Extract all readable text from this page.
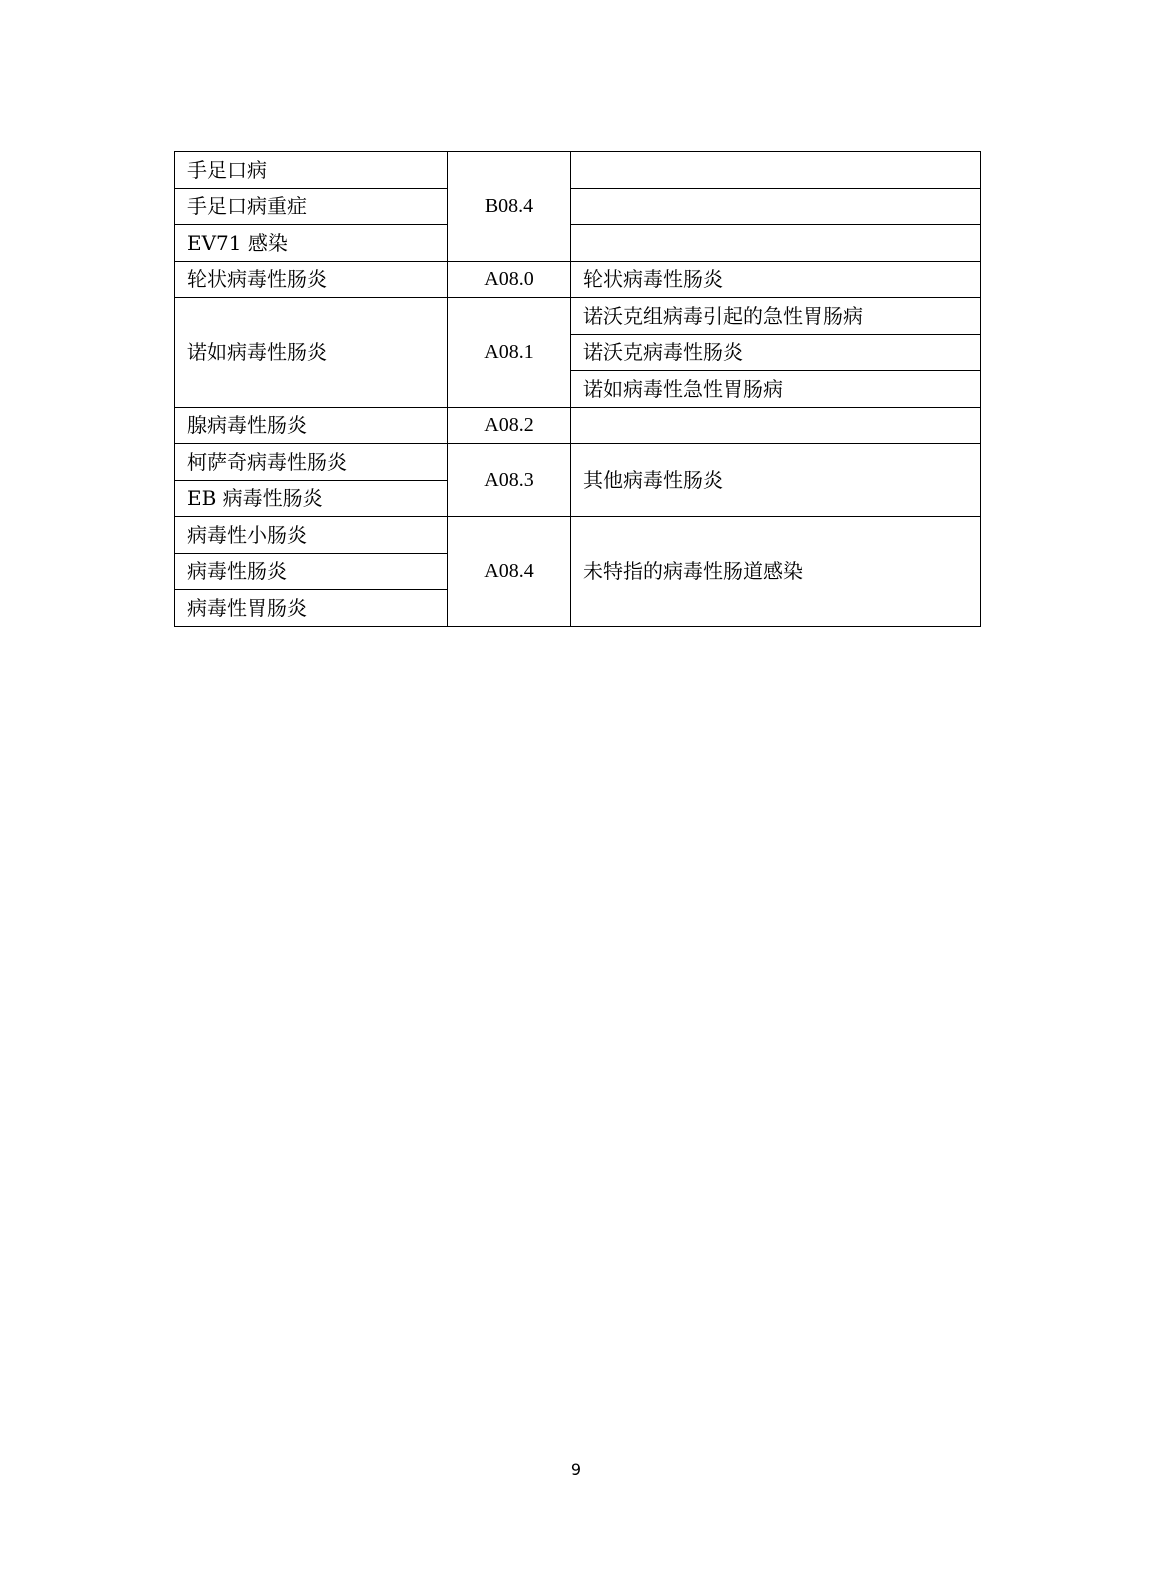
手足口病	B08.4	
手足口病重症		
EV71 感染		
轮状病毒性肠炎	A08.0	轮状病毒性肠炎
诺如病毒性肠炎	A08.1	诺沃克组病毒引起的急性胃肠病
		诺沃克病毒性肠炎
		诺如病毒性急性胃肠病
腺病毒性肠炎	A08.2	
柯萨奇病毒性肠炎	A08.3	其他病毒性肠炎
EB 病毒性肠炎		
病毒性小肠炎	A08.4	未特指的病毒性肠道感染
病毒性肠炎		
病毒性胃肠炎		
9
